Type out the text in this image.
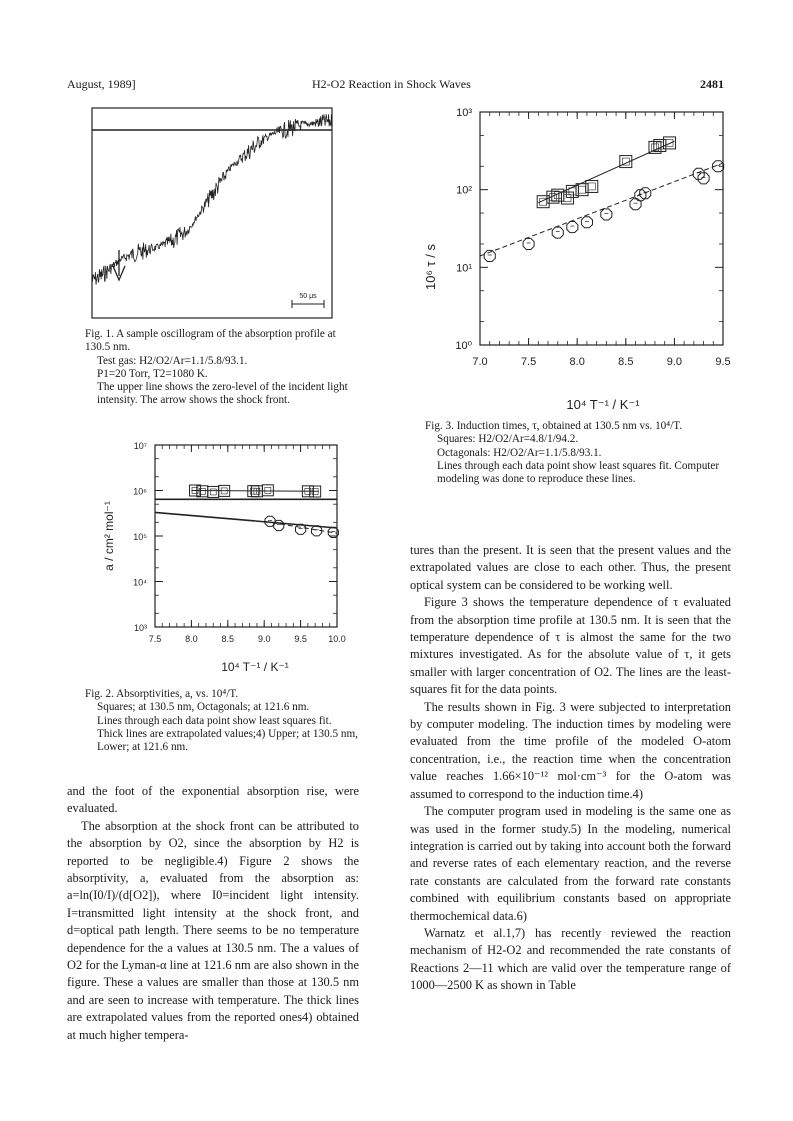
August, 1989]	H2-O2 Reaction in Shock Waves	2481
50 μs

Fig. 1. A sample oscillogram of the absorption profile at 130.5 nm.

Test gas: H2/O2/Ar=1.1/5.8/93.1.

P1=20 Torr, T2=1080 K.

The upper line shows the zero-level of the incident light intensity. The arrow shows the shock front.

7.5	8.0	8.5	9.0	9.5 10.0
10³
10⁴
10⁵
10⁶
10⁷
a / cm² mol⁻¹
10⁴ T⁻¹ / K⁻¹

Fig. 2. Absorptivities, a, vs. 10⁴/T.

Squares; at 130.5 nm, Octagonals; at 121.6 nm.

Lines through each data point show least squares fit. Thick lines are extrapolated values;4) Upper; at 130.5 nm, Lower; at 121.6 nm.

7.0	7.5	8.0	8.5	9.0	9.5
10⁰
10¹
10²
10³
10⁶ τ / s
10⁴ T⁻¹ / K⁻¹

Fig. 3. Induction times, τ, obtained at 130.5 nm vs. 10⁴/T.

Squares: H2/O2/Ar=4.8/1/94.2.

Octagonals: H2/O2/Ar=1.1/5.8/93.1.

Lines through each data point show least squares fit. Computer modeling was done to reproduce these lines.

and the foot of the exponential absorption rise, were evaluated.

The absorption at the shock front can be attributed to the absorption by O2, since the absorption by H2 is reported to be negligible.4) Figure 2 shows the absorptivity, a, evaluated from the absorption as: a=ln(I0/I)/(d[O2]), where I0=incident light intensity. I=transmitted light intensity at the shock front, and d=optical path length. There seems to be no temperature dependence for the a values at 130.5 nm. The a values of O2 for the Lyman-α line at 121.6 nm are also shown in the figure. These a values are smaller than those at 130.5 nm and are seen to increase with temperature. The thick lines are extrapolated values from the reported ones4) obtained at much higher tempera-

tures than the present. It is seen that the present values and the extrapolated values are close to each other. Thus, the present optical system can be considered to be working well.

Figure 3 shows the temperature dependence of τ evaluated from the absorption time profile at 130.5 nm. It is seen that the temperature dependence of τ is almost the same for the two mixtures investigated. As for the absolute value of τ, it gets smaller with larger concentration of O2. The lines are the least-squares fit for the data points.

The results shown in Fig. 3 were subjected to interpretation by computer modeling. The induction times by modeling were evaluated from the time profile of the modeled O-atom concentration, i.e., the reaction time when the concentration value reaches 1.66×10⁻¹² mol·cm⁻³ for the O-atom was assumed to correspond to the induction time.4)

The computer program used in modeling is the same one as was used in the former study.5) In the modeling, numerical integration is carried out by taking into account both the forward and reverse rates of each elementary reaction, and the reverse rate constants are calculated from the forward rate constants combined with equilibrium constants based on appropriate thermochemical data.6)

Warnatz et al.1,7) has recently reviewed the reaction mechanism of H2-O2 and recommended the rate constants of Reactions 2—11 which are valid over the temperature range of 1000—2500 K as shown in Table
